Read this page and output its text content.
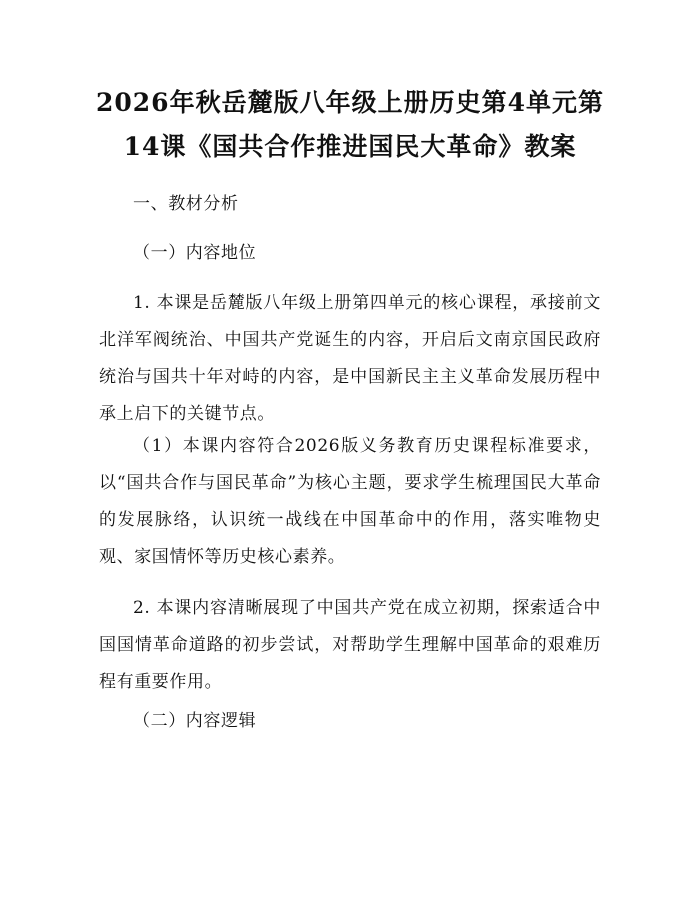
2026年秋岳麓版八年级上册历史第4单元第
14课《国共合作推进国民大革命》教案

一、教材分析

（一）内容地位

1. 本课是岳麓版八年级上册第四单元的核心课程，承接前文北洋军阀统治、中国共产党诞生的内容，开启后文南京国民政府统治与国共十年对峙的内容，是中国新民主主义革命发展历程中承上启下的关键节点。

（1）本课内容符合2026版义务教育历史课程标准要求，以“国共合作与国民革命”为核心主题，要求学生梳理国民大革命的发展脉络，认识统一战线在中国革命中的作用，落实唯物史观、家国情怀等历史核心素养。

2. 本课内容清晰展现了中国共产党在成立初期，探索适合中国国情革命道路的初步尝试，对帮助学生理解中国革命的艰难历程有重要作用。

（二）内容逻辑
